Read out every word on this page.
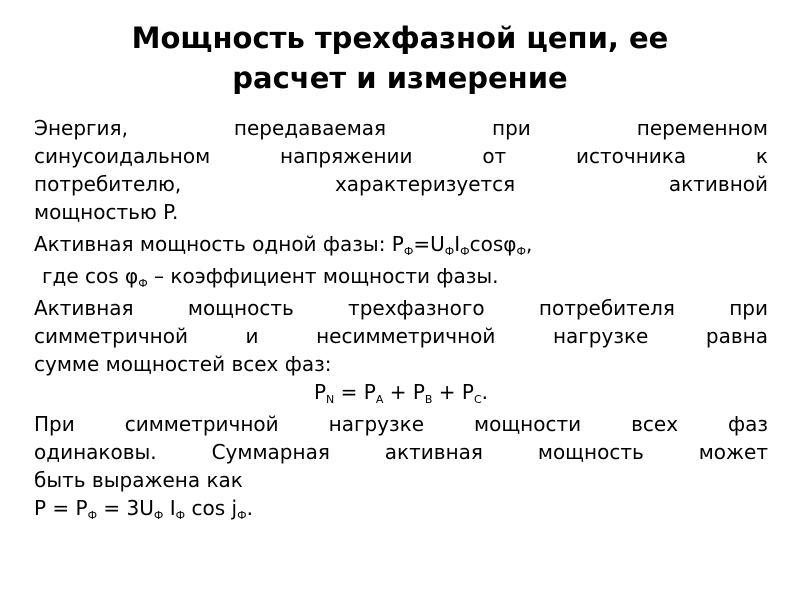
Мощность трехфазной цепи, ее
расчет и измерение
Энергия, передаваемая при переменном
синусоидальном напряжении от источника к
потребителю, характеризуется активной
мощностью P.
Активная мощность одной фазы: $P_Ф=U_ФI_Ф\cos\varphi_Ф$,
где $\cos \varphi_Ф$ – коэффициент мощности фазы.
Активная мощность трехфазного потребителя при
симметричной и несимметричной нагрузке равна
сумме мощностей всех фаз:
$P_N = P_A + P_B + P_C$.
При симметричной нагрузке мощности всех фаз
одинаковы. Суммарная активная мощность может
быть выражена как
$P = P_Ф = 3U_Ф$ $I_Ф$ $\cos j_Ф$.
